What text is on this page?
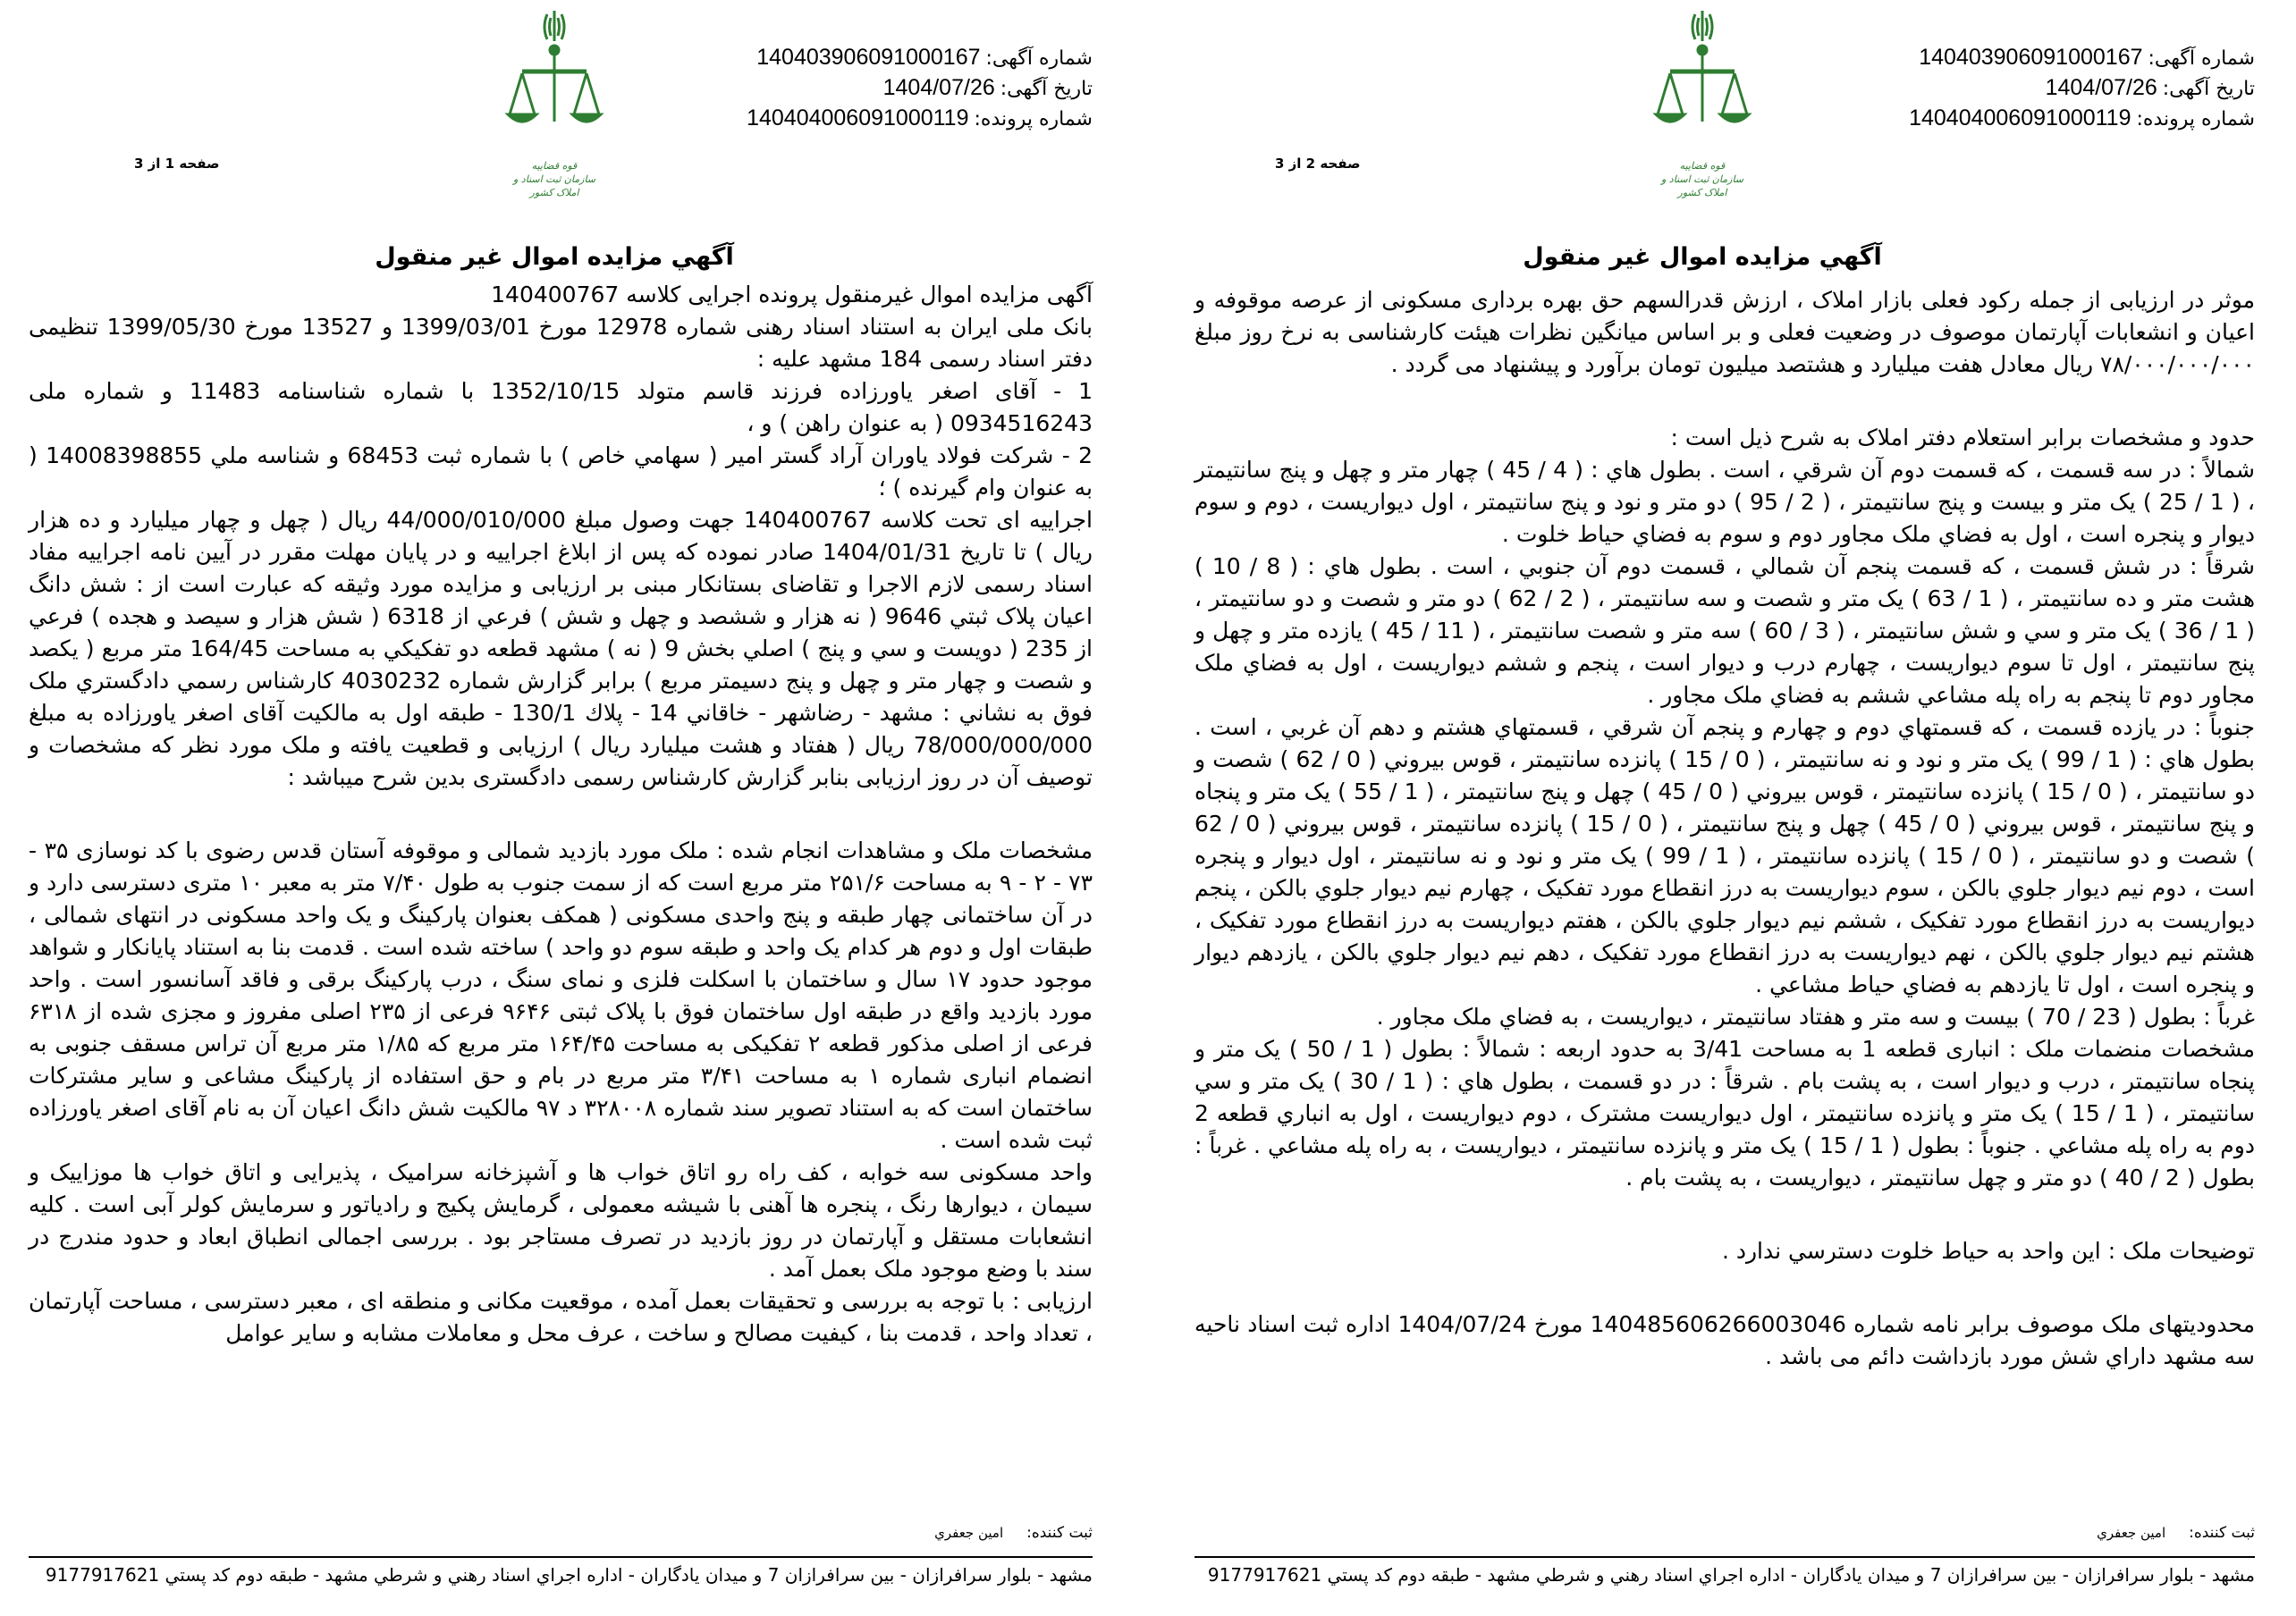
شماره آگهی:140403906091000167
تاریخ آگهی:1404/07/26
شماره پرونده:140404006091000119
قوه قضاییه
سازمان ثبت اسناد و املاک کشور
صفحه 1 از 3
آگهي مزایده اموال غیر منقول

آگهی مزایده اموال غیرمنقول پرونده اجرایی کلاسه 140400767

بانک ملی ایران به استناد اسناد رهنی شماره 12978 مورخ 1399/03/01 و 13527 مورخ 1399/05/30 تنظیمی دفتر اسناد رسمی 184 مشهد علیه :

1 - آقای اصغر یاورزاده فرزند قاسم متولد 1352/10/15 با شماره شناسنامه 11483 و شماره ملی 0934516243 ( به عنوان راهن ) و ،

2 - شرکت فولاد یاوران آراد گستر امیر ( سهامي خاص ) با شماره ثبت 68453 و شناسه ملي 14008398855 ( به عنوان وام گیرنده ) ؛

اجراییه ای تحت کلاسه 140400767 جهت وصول مبلغ 44/000/010/000 ریال ( چهل و چهار میلیارد و ده هزار ریال ) تا تاریخ 1404/01/31 صادر نموده که پس از ابلاغ اجراییه و در پایان مهلت مقرر در آیین نامه اجراییه مفاد اسناد رسمی لازم الاجرا و تقاضای بستانکار مبنی بر ارزیابی و مزایده مورد وثیقه که عبارت است از : شش دانگ اعیان پلاک ثبتي 9646 ( نه هزار و ششصد و چهل و شش ) فرعي از 6318 ( شش هزار و سیصد و هجده ) فرعي از 235 ( دویست و سي و پنج ) اصلي بخش 9 ( نه ) مشهد قطعه دو تفکیکي به مساحت 164/45 متر مربع ( یکصد و شصت و چهار متر و چهل و پنج دسیمتر مربع ) برابر گزارش شماره 4030232 کارشناس رسمي دادگستري ملک فوق به نشاني : مشهد - رضاشهر - خاقاني 14 - پلاك 130/1 - طبقه اول به مالکیت آقای اصغر یاورزاده به مبلغ 78/000/000/000 ریال ( هفتاد و هشت میلیارد ریال ) ارزیابی و قطعیت یافته و ملک مورد نظر که مشخصات و توصیف آن در روز ارزیابی بنابر گزارش کارشناس رسمی دادگستری بدین شرح میباشد :

مشخصات ملک و مشاهدات انجام شده : ملک مورد بازدید شمالی و موقوفه آستان قدس رضوی با کد نوسازی ۳۵ - ۷۳ - ۲ - ۹ به مساحت ۲۵۱/۶ متر مربع است که از سمت جنوب به طول ۷/۴۰ متر به معبر ۱۰ متری دسترسی دارد و در آن ساختمانی چهار طبقه و پنج واحدی مسکونی ( همکف بعنوان پارکینگ و یک واحد مسکونی در انتهای شمالی ، طبقات اول و دوم هر کدام یک واحد و طبقه سوم دو واحد ) ساخته شده است . قدمت بنا به استناد پایانکار و شواهد موجود حدود ۱۷ سال و ساختمان با اسکلت فلزی و نمای سنگ ، درب پارکینگ برقی و فاقد آسانسور است . واحد مورد بازدید واقع در طبقه اول ساختمان فوق با پلاک ثبتی ۹۶۴۶ فرعی از ۲۳۵ اصلی مفروز و مجزی شده از ۶۳۱۸ فرعی از اصلی مذکور قطعه ۲ تفکیکی به مساحت ۱۶۴/۴۵ متر مربع که ۱/۸۵ متر مربع آن تراس مسقف جنوبی به انضمام انباری شماره ۱ به مساحت ۳/۴۱ متر مربع در بام و حق استفاده از پارکینگ مشاعی و سایر مشترکات ساختمان است که به استناد تصویر سند شماره ۳۲۸۰۰۸ د ۹۷ مالکیت شش دانگ اعیان آن به نام آقای اصغر یاورزاده ثبت شده است .

واحد مسکونی سه خوابه ، کف راه رو اتاق خواب ها و آشپزخانه سرامیک ، پذیرایی و اتاق خواب ها موزاییک و سیمان ، دیوارها رنگ ، پنجره ها آهنی با شیشه معمولی ، گرمایش پکیج و رادیاتور و سرمایش کولر آبی است . کلیه انشعابات مستقل و آپارتمان در روز بازدید در تصرف مستاجر بود . بررسی اجمالی انطباق ابعاد و حدود مندرج در سند با وضع موجود ملک بعمل آمد .

ارزیابی : با توجه به بررسی و تحقیقات بعمل آمده ، موقعیت مکانی و منطقه ای ، معبر دسترسی ، مساحت آپارتمان ، تعداد واحد ، قدمت بنا ، کیفیت مصالح و ساخت ، عرف محل و معاملات مشابه و سایر عوامل

ثبت کننده:امین جعفري
مشهد - بلوار سرافرازان - بین سرافرازان 7 و میدان یادگاران - اداره اجراي اسناد رهني و شرطي مشهد - طبقه دوم کد پستي 9177917621
شماره آگهی:140403906091000167
تاریخ آگهی:1404/07/26
شماره پرونده:140404006091000119
قوه قضاییه
سازمان ثبت اسناد و املاک کشور
صفحه 2 از 3
آگهي مزایده اموال غیر منقول

موثر در ارزیابی از جمله رکود فعلی بازار املاک ، ارزش قدرالسهم حق بهره برداری مسکونی از عرصه موقوفه و اعیان و انشعابات آپارتمان موصوف در وضعیت فعلی و بر اساس میانگین نظرات هیئت کارشناسی به نرخ روز مبلغ ۷۸/۰۰۰/۰۰۰/۰۰۰ ریال معادل هفت میلیارد و هشتصد میلیون تومان برآورد و پیشنهاد می گردد .

حدود و مشخصات برابر استعلام دفتر املاک به شرح ذیل است :

شمالاً : در سه قسمت ، که قسمت دوم آن شرقي ، است . بطول هاي : ( 4 / 45 ) چهار متر و چهل و پنج سانتیمتر ، ( 1 / 25 ) یک متر و بیست و پنج سانتیمتر ، ( 2 / 95 ) دو متر و نود و پنج سانتیمتر ، اول دیواریست ، دوم و سوم دیوار و پنجره است ، اول به فضاي ملک مجاور دوم و سوم به فضاي حیاط خلوت .

شرقاً : در شش قسمت ، که قسمت پنجم آن شمالي ، قسمت دوم آن جنوبي ، است . بطول هاي : ( 8 / 10 ) هشت متر و ده سانتیمتر ، ( 1 / 63 ) یک متر و شصت و سه سانتیمتر ، ( 2 / 62 ) دو متر و شصت و دو سانتیمتر ، ( 1 / 36 ) یک متر و سي و شش سانتیمتر ، ( 3 / 60 ) سه متر و شصت سانتیمتر ، ( 11 / 45 ) یازده متر و چهل و پنج سانتیمتر ، اول تا سوم دیواریست ، چهارم درب و دیوار است ، پنجم و ششم دیواریست ، اول به فضاي ملک مجاور دوم تا پنجم به راه پله مشاعي ششم به فضاي ملک مجاور .

جنوباً : در یازده قسمت ، که قسمتهاي دوم و چهارم و پنجم آن شرقي ، قسمتهاي هشتم و دهم آن غربي ، است . بطول هاي : ( 1 / 99 ) یک متر و نود و نه سانتیمتر ، ( 0 / 15 ) پانزده سانتیمتر ، قوس بیروني ( 0 / 62 ) شصت و دو سانتیمتر ، ( 0 / 15 ) پانزده سانتیمتر ، قوس بیروني ( 0 / 45 ) چهل و پنج سانتیمتر ، ( 1 / 55 ) یک متر و پنجاه و پنج سانتیمتر ، قوس بیروني ( 0 / 45 ) چهل و پنج سانتیمتر ، ( 0 / 15 ) پانزده سانتیمتر ، قوس بیروني ( 0 / 62 ) شصت و دو سانتیمتر ، ( 0 / 15 ) پانزده سانتیمتر ، ( 1 / 99 ) یک متر و نود و نه سانتیمتر ، اول دیوار و پنجره است ، دوم نیم دیوار جلوي بالکن ، سوم دیواریست به درز انقطاع مورد تفکیک ، چهارم نیم دیوار جلوي بالکن ، پنجم دیواریست به درز انقطاع مورد تفکیک ، ششم نیم دیوار جلوي بالکن ، هفتم دیواریست به درز انقطاع مورد تفکیک ، هشتم نیم دیوار جلوي بالکن ، نهم دیواریست به درز انقطاع مورد تفکیک ، دهم نیم دیوار جلوي بالکن ، یازدهم دیوار و پنجره است ، اول تا یازدهم به فضاي حیاط مشاعي .

غرباً : بطول ( 23 / 70 ) بیست و سه متر و هفتاد سانتیمتر ، دیواریست ، به فضاي ملک مجاور .

مشخصات منضمات ملک : انباری قطعه 1 به مساحت 3/41 به حدود اربعه : شمالاً : بطول ( 1 / 50 ) یک متر و پنجاه سانتیمتر ، درب و دیوار است ، به پشت بام . شرقاً : در دو قسمت ، بطول هاي : ( 1 / 30 ) یک متر و سي سانتیمتر ، ( 1 / 15 ) یک متر و پانزده سانتیمتر ، اول دیواریست مشترک ، دوم دیواریست ، اول به انباري قطعه 2 دوم به راه پله مشاعي . جنوباً : بطول ( 1 / 15 ) یک متر و پانزده سانتیمتر ، دیواریست ، به راه پله مشاعي . غرباً : بطول ( 2 / 40 ) دو متر و چهل سانتیمتر ، دیواریست ، به پشت بام .

توضیحات ملک : این واحد به حیاط خلوت دسترسي ندارد .

محدودیتهای ملک موصوف برابر نامه شماره 140485606266003046 مورخ 1404/07/24 اداره ثبت اسناد ناحیه سه مشهد داراي شش مورد بازداشت دائم می باشد .

ثبت کننده:امین جعفري
مشهد - بلوار سرافرازان - بین سرافرازان 7 و میدان یادگاران - اداره اجراي اسناد رهني و شرطي مشهد - طبقه دوم کد پستي 9177917621
